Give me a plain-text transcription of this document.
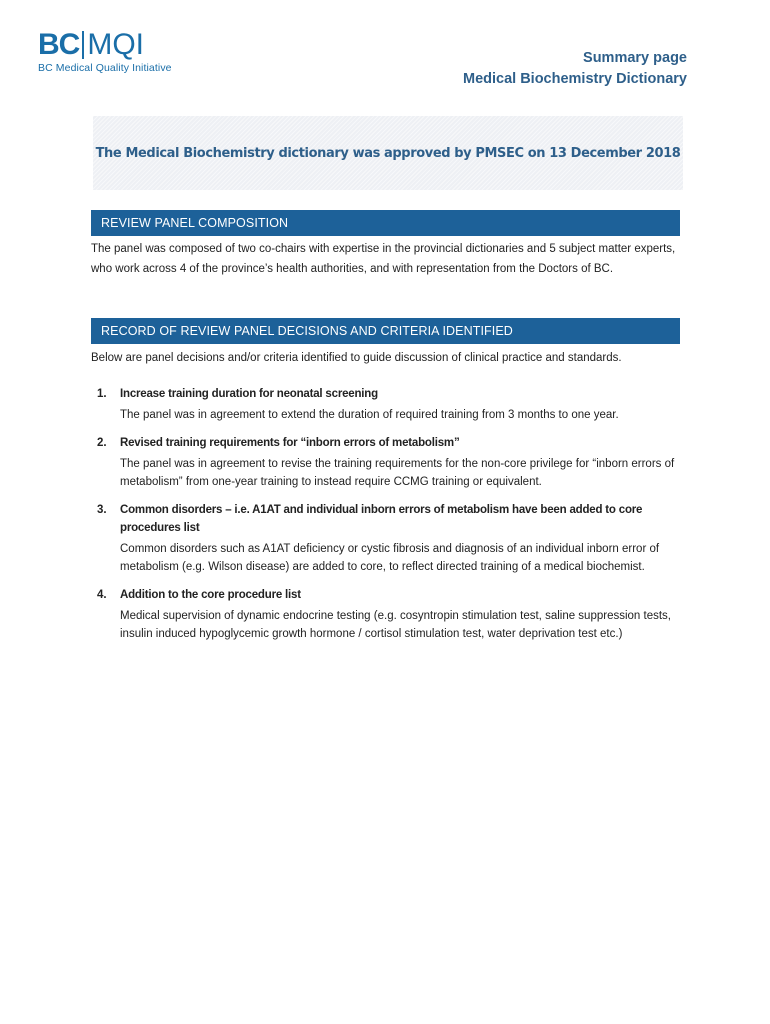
BC MQI
BC Medical Quality Initiative
Summary page
Medical Biochemistry Dictionary
The Medical Biochemistry dictionary was approved by PMSEC on 13 December 2018
REVIEW PANEL COMPOSITION
The panel was composed of two co-chairs with expertise in the provincial dictionaries and 5 subject matter experts, who work across 4 of the province’s health authorities, and with representation from the Doctors of BC.
RECORD OF REVIEW PANEL DECISIONS AND CRITERIA IDENTIFIED
Below are panel decisions and/or criteria identified to guide discussion of clinical practice and standards.
1. Increase training duration for neonatal screening
The panel was in agreement to extend the duration of required training from 3 months to one year.
2. Revised training requirements for “inborn errors of metabolism”
The panel was in agreement to revise the training requirements for the non-core privilege for “inborn errors of metabolism” from one-year training to instead require CCMG training or equivalent.
3. Common disorders – i.e. A1AT and individual inborn errors of metabolism have been added to core procedures list
Common disorders such as A1AT deficiency or cystic fibrosis and diagnosis of an individual inborn error of metabolism (e.g. Wilson disease) are added to core, to reflect directed training of a medical biochemist.
4. Addition to the core procedure list
Medical supervision of dynamic endocrine testing (e.g. cosyntropin stimulation test, saline suppression tests, insulin induced hypoglycemic growth hormone / cortisol stimulation test, water deprivation test etc.)
